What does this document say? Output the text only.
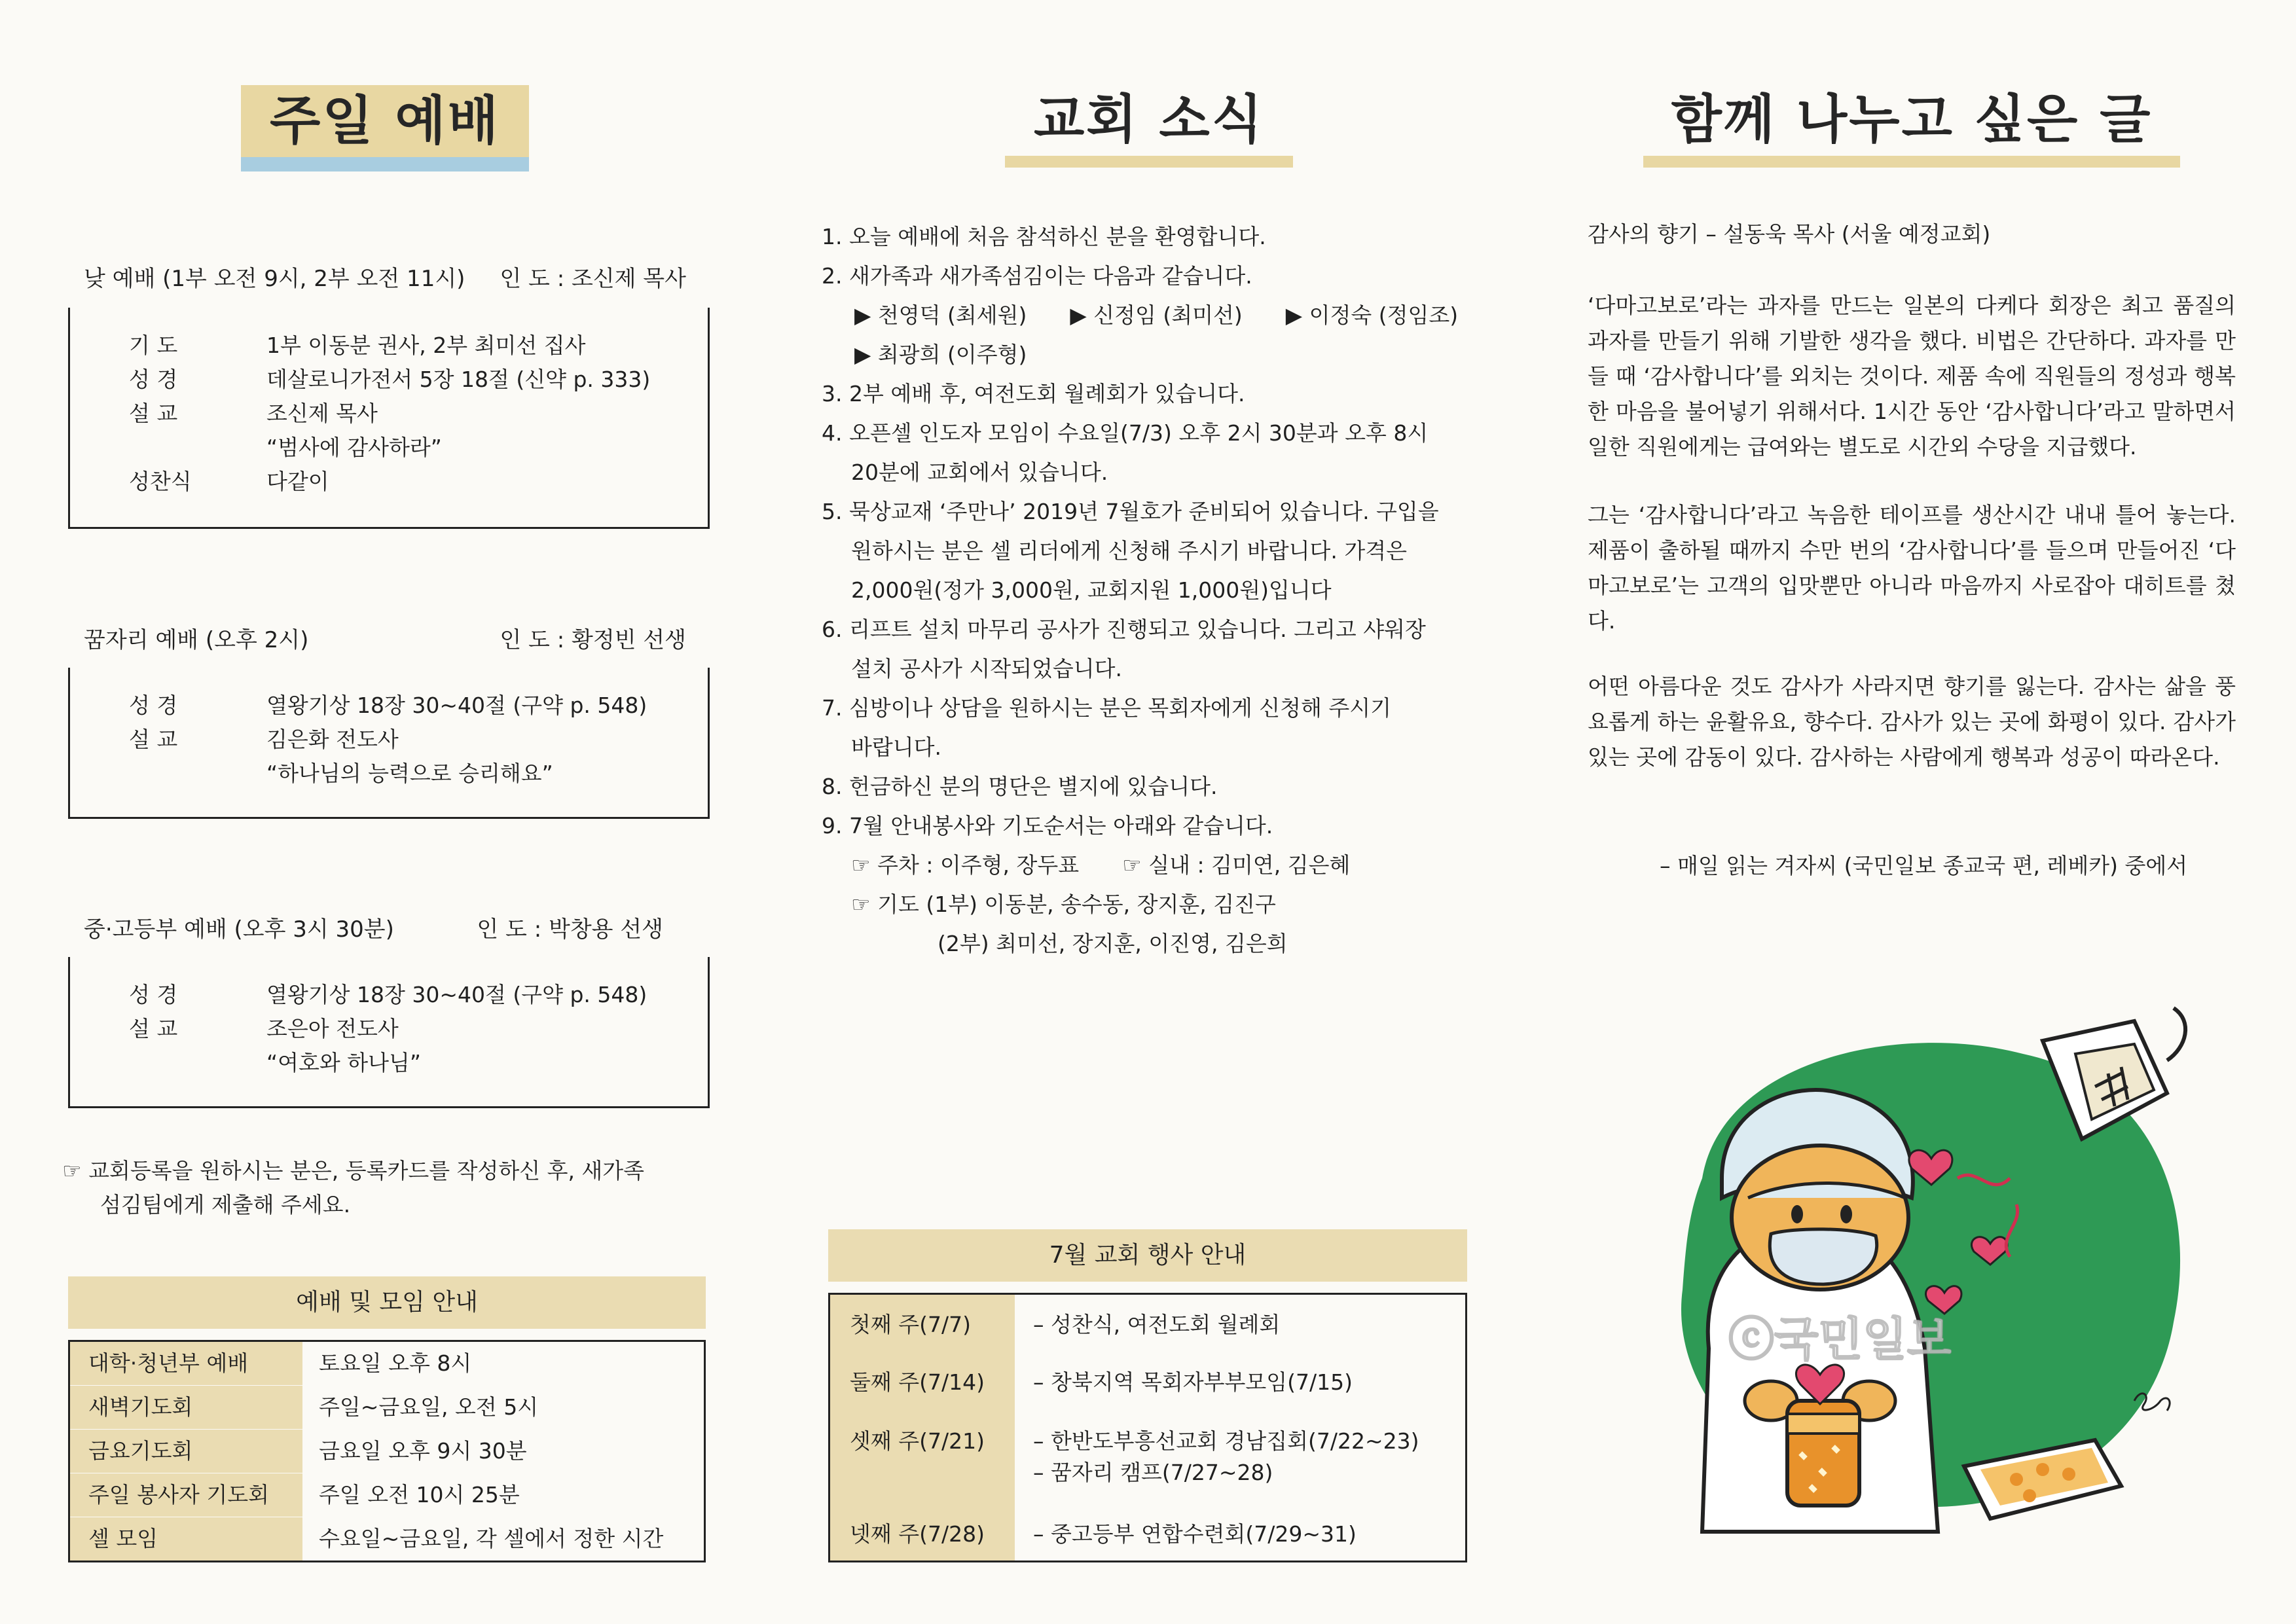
주일 예배
낮 예배 (1부 오전 9시, 2부 오전 11시) 인 도 : 조신제 목사
기 도	1부 이동분 권사, 2부 최미선 집사
성 경	데살로니가전서 5장 18절 (신약 p. 333)
설 교	조신제 목사
“범사에 감사하라”
성찬식	다같이
꿈자리 예배 (오후 2시)	인 도 : 황정빈 선생
성 경	열왕기상 18장 30~40절 (구약 p. 548)
설 교	김은화 전도사
“하나님의 능력으로 승리해요”
중·고등부 예배 (오후 3시 30분)	인 도 : 박창용 선생
성 경	열왕기상 18장 30~40절 (구약 p. 548)
설 교	조은아 전도사
“여호와 하나님”
☞ 교회등록을 원하시는 분은, 등록카드를 작성하신 후, 새가족
섬김팀에게 제출해 주세요.
예배 및 모임 안내
대학·청년부 예배	토요일 오후 8시
새벽기도회	주일~금요일, 오전 5시
금요기도회	금요일 오후 9시 30분
주일 봉사자 기도회	주일 오전 10시 25분
셀 모임	수요일~금요일, 각 셀에서 정한 시간
교회 소식
1. 오늘 예배에 처음 참석하신 분을 환영합니다.
2. 새가족과 새가족섬김이는 다음과 같습니다.
▶ 천영덕 (최세원)　　▶ 신정임 (최미선)　　▶ 이정숙 (정임조)
▶ 최광희 (이주형)
3. 2부 예배 후, 여전도회 월례회가 있습니다.
4. 오픈셀 인도자 모임이 수요일(7/3) 오후 2시 30분과 오후 8시
20분에 교회에서 있습니다.
5. 묵상교재 ‘주만나’ 2019년 7월호가 준비되어 있습니다. 구입을
원하시는 분은 셀 리더에게 신청해 주시기 바랍니다. 가격은
2,000원(정가 3,000원, 교회지원 1,000원)입니다
6. 리프트 설치 마무리 공사가 진행되고 있습니다. 그리고 샤워장
설치 공사가 시작되었습니다.
7. 심방이나 상담을 원하시는 분은 목회자에게 신청해 주시기
바랍니다.
8. 헌금하신 분의 명단은 별지에 있습니다.
9. 7월 안내봉사와 기도순서는 아래와 같습니다.
☞ 주차 : 이주형, 장두표　　☞ 실내 : 김미연, 김은혜
☞ 기도 (1부) 이동분, 송수동, 장지훈, 김진구
(2부) 최미선, 장지훈, 이진영, 김은희
7월 교회 행사 안내
첫째 주(7/7)	– 성찬식, 여전도회 월례회
둘째 주(7/14) – 창북지역 목회자부부모임(7/15)
셋째 주(7/21) – 한반도부흥선교회 경남집회(7/22~23)
– 꿈자리 캠프(7/27~28)
넷째 주(7/28) – 중고등부 연합수련회(7/29~31)
함께 나누고 싶은 글
감사의 향기 – 설동욱 목사 (서울 예정교회)
‘다마고보로’라는 과자를 만드는 일본의 다케다 회장은 최고 품질의 과자를 만들기 위해 기발한 생각을 했다. 비법은 간단하다. 과자를 만들 때 ‘감사합니다’를 외치는 것이다. 제품 속에 직원들의 정성과 행복한 마음을 불어넣기 위해서다. 1시간 동안 ‘감사합니다’라고 말하면서 일한 직원에게는 급여와는 별도로 시간외 수당을 지급했다.
그는 ‘감사합니다’라고 녹음한 테이프를 생산시간 내내 틀어 놓는다. 제품이 출하될 때까지 수만 번의 ‘감사합니다’를 들으며 만들어진 ‘다마고보로’는 고객의 입맛뿐만 아니라 마음까지 사로잡아 대히트를 쳤다.
어떤 아름다운 것도 감사가 사라지면 향기를 잃는다. 감사는 삶을 풍요롭게 하는 윤활유요, 향수다. 감사가 있는 곳에 화평이 있다. 감사가 있는 곳에 감동이 있다. 감사하는 사람에게 행복과 성공이 따라온다.
– 매일 읽는 겨자씨 (국민일보 종교국 편, 레베카) 중에서
ⓒ국민일보
